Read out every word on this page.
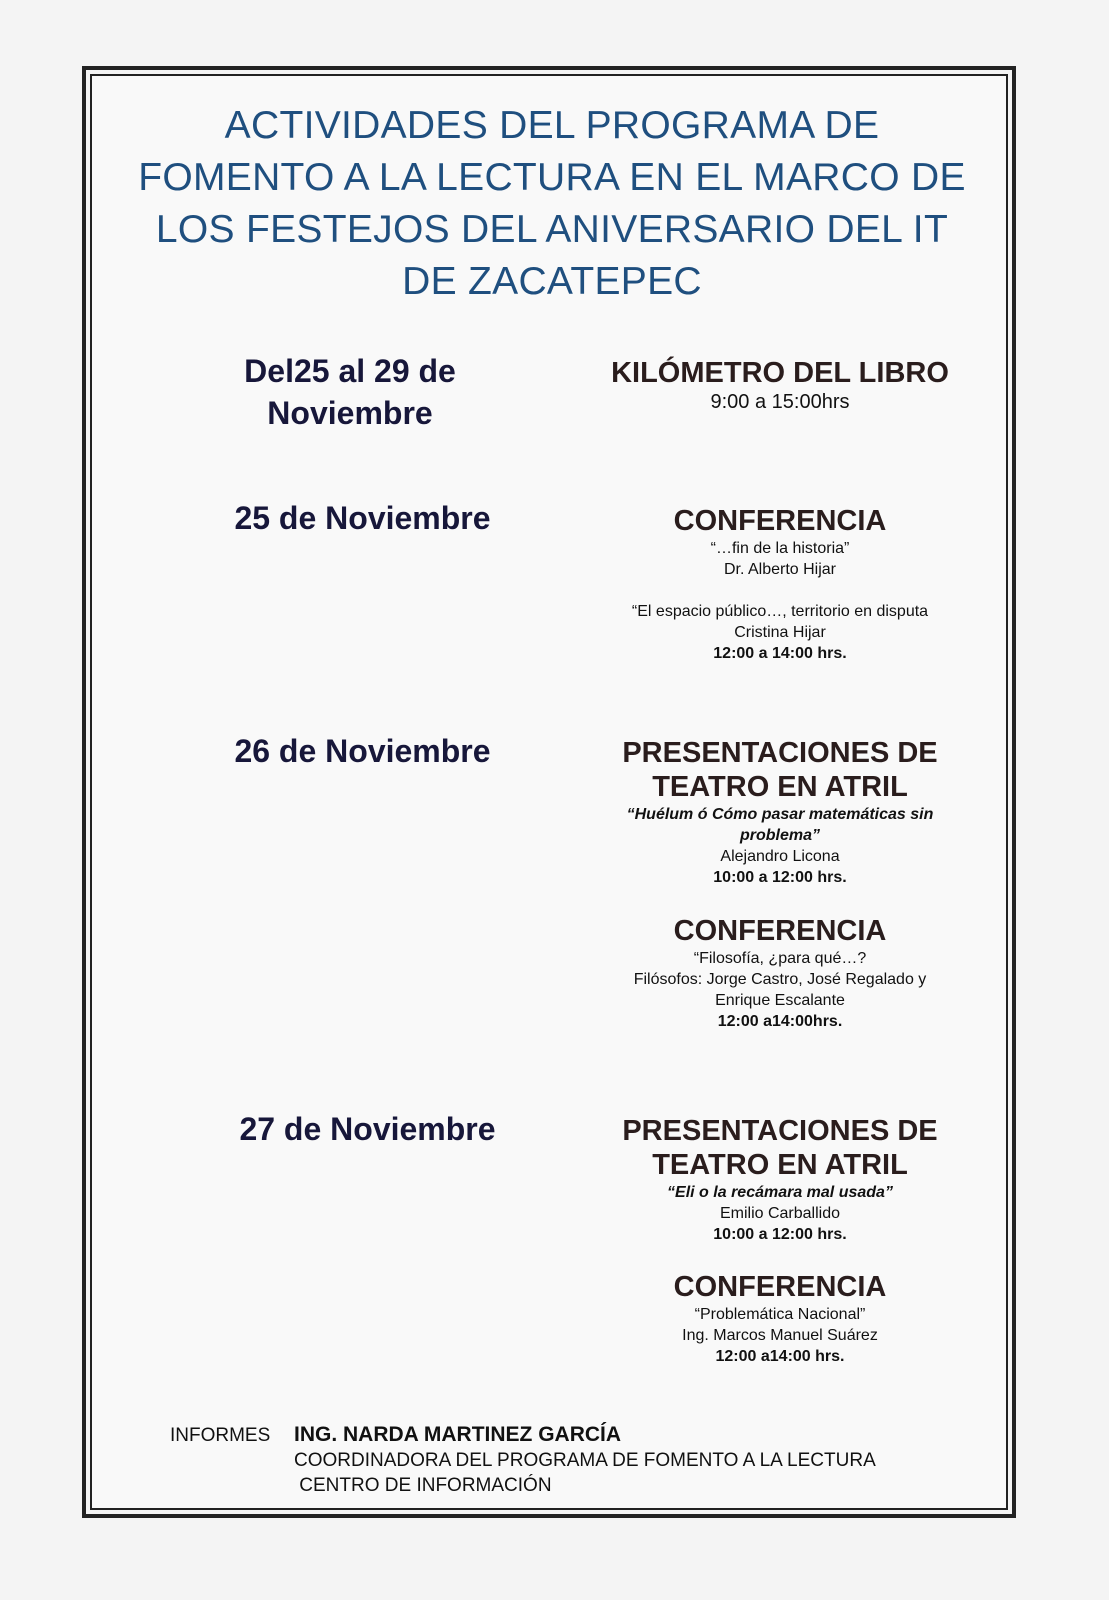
ACTIVIDADES DEL PROGRAMA DE
FOMENTO A LA LECTURA EN EL MARCO DE
LOS FESTEJOS DEL ANIVERSARIO DEL IT
DE ZACATEPEC
Del25 al 29 de
Noviembre
25 de Noviembre
26 de Noviembre
27 de Noviembre
KILÓMETRO DEL LIBRO
9:00 a 15:00hrs
CONFERENCIA
“…fin de la historia”
Dr. Alberto Hijar
“El espacio público…, territorio en disputa
Cristina Hijar
12:00 a 14:00 hrs.
PRESENTACIONES DE
TEATRO EN ATRIL
“Huélum ó Cómo pasar matemáticas sin
problema”
Alejandro Licona
10:00 a 12:00 hrs.
CONFERENCIA
“Filosofía, ¿para qué…?
Filósofos: Jorge Castro, José Regalado y
Enrique Escalante
12:00 a14:00hrs.
PRESENTACIONES DE
TEATRO EN ATRIL
“Eli o la recámara mal usada”
Emilio Carballido
10:00 a 12:00 hrs.
CONFERENCIA
“Problemática Nacional”
Ing. Marcos Manuel Suárez
12:00 a14:00 hrs.
INFORMES ING. NARDA MARTINEZ GARCÍA
COORDINADORA DEL PROGRAMA DE FOMENTO A LA LECTURA
CENTRO DE INFORMACIÓN
